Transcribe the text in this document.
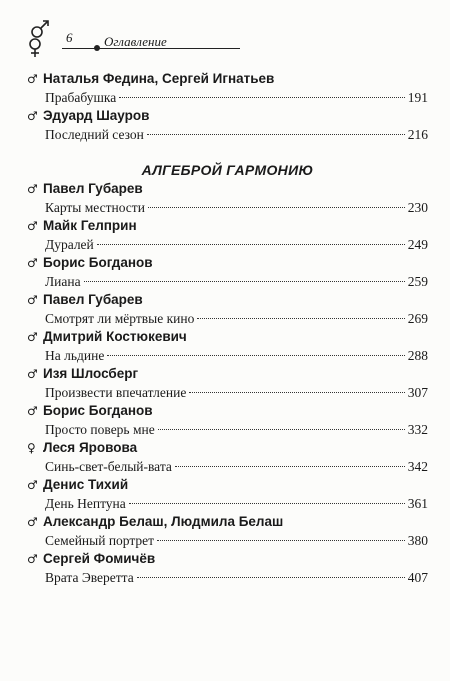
6 Оглавление
♂ Наталья Федина, Сергей Игнатьев
Прабабушка	191
♂ Эдуард Шауров
Последний сезон	216
АЛГЕБРОЙ ГАРМОНИЮ
♂ Павел Губарев
Карты местности	230
♂ Майк Гелприн
Дуралей	249
♂ Борис Богданов
Лиана	259
♂ Павел Губарев
Смотрят ли мёртвые кино	269
♂ Дмитрий Костюкевич
На льдине	288
♂ Изя Шлосберг
Произвести впечатление	307
♂ Борис Богданов
Просто поверь мне	332
♀ Леся Яровова
Синь-свет-белый-вата	342
♂ Денис Тихий
День Нептуна	361
♂ Александр Белаш, Людмила Белаш
Семейный портрет	380
♂ Сергей Фомичёв
Врата Эверетта	407
